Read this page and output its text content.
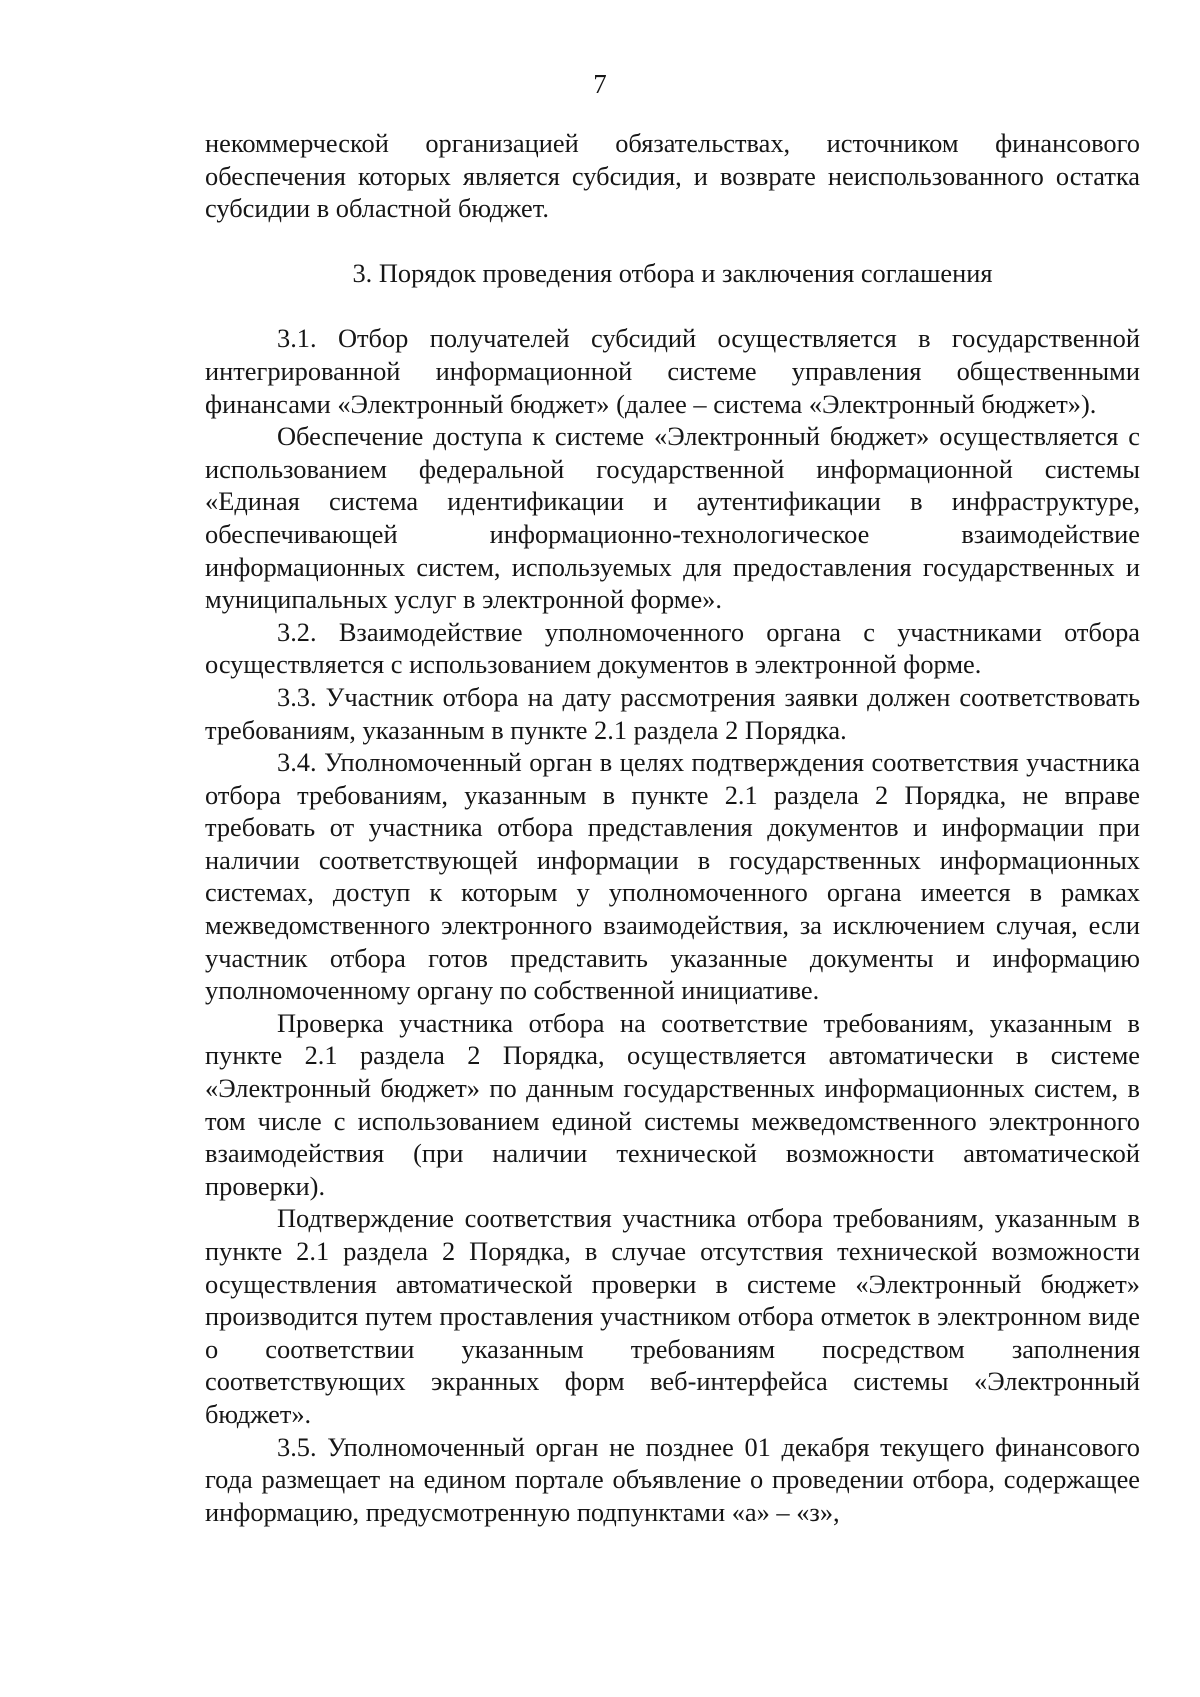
7

некоммерческой организацией обязательствах, источником финансового обеспечения которых является субсидия, и возврате неиспользованного остатка субсидии в областной бюджет.

3. Порядок проведения отбора и заключения соглашения

3.1. Отбор получателей субсидий осуществляется в государственной интегрированной информационной системе управления общественными финансами «Электронный бюджет» (далее – система «Электронный бюджет»).

Обеспечение доступа к системе «Электронный бюджет» осуществляется с использованием федеральной государственной информационной системы «Единая система идентификации и аутентификации в инфраструктуре, обеспечивающей информационно-технологическое взаимодействие информационных систем, используемых для предоставления государственных и муниципальных услуг в электронной форме».

3.2. Взаимодействие уполномоченного органа с участниками отбора осуществляется с использованием документов в электронной форме.

3.3. Участник отбора на дату рассмотрения заявки должен соответствовать требованиям, указанным в пункте 2.1 раздела 2 Порядка.

3.4. Уполномоченный орган в целях подтверждения соответствия участника отбора требованиям, указанным в пункте 2.1 раздела 2 Порядка, не вправе требовать от участника отбора представления документов и информации при наличии соответствующей информации в государственных информационных системах, доступ к которым у уполномоченного органа имеется в рамках межведомственного электронного взаимодействия, за исключением случая, если участник отбора готов представить указанные документы и информацию уполномоченному органу по собственной инициативе.

Проверка участника отбора на соответствие требованиям, указанным в пункте 2.1 раздела 2 Порядка, осуществляется автоматически в системе «Электронный бюджет» по данным государственных информационных систем, в том числе с использованием единой системы межведомственного электронного взаимодействия (при наличии технической возможности автоматической проверки).

Подтверждение соответствия участника отбора требованиям, указанным в пункте 2.1 раздела 2 Порядка, в случае отсутствия технической возможности осуществления автоматической проверки в системе «Электронный бюджет» производится путем проставления участником отбора отметок в электронном виде о соответствии указанным требованиям посредством заполнения соответствующих экранных форм веб-интерфейса системы «Электронный бюджет».

3.5. Уполномоченный орган не позднее 01 декабря текущего финансового года размещает на едином портале объявление о проведении отбора, содержащее информацию, предусмотренную подпунктами «а» – «з»,
